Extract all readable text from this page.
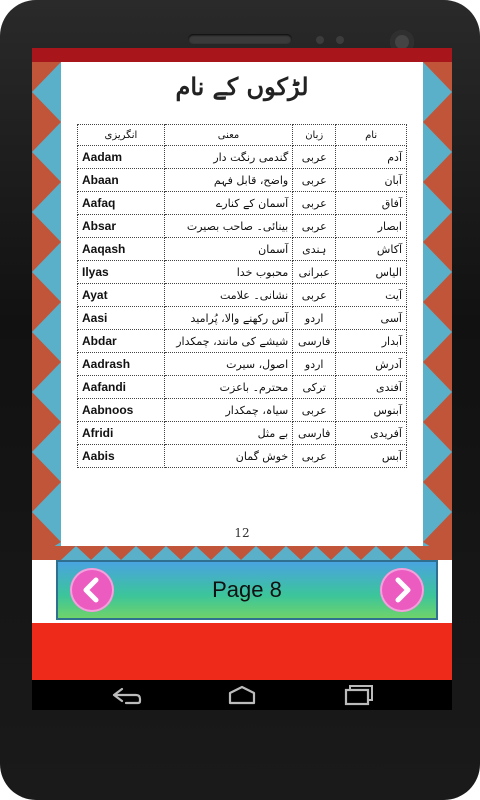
لڑکوں کے نام
انگریزی	معنی	زبان	نام
Aadam	گندمی رنگت دار	عربی	آدم
Abaan	واضح، قابل فہم	عربی	آبان
Aafaq	آسمان کے کنارے	عربی	آفاق
Absar	بینائی۔ صاحب بصیرت	عربی	ابصار
Aaqash	آسمان	ہندی	آکاش
Ilyas	محبوب خدا	عبرانی	الیاس
Ayat	نشانی۔ علامت	عربی	آیت
Aasi	آس رکھنے والا، پُرامید	اردو	آسی
Abdar	شیشے کی مانند، چمکدار	فارسی	آبدار
Aadrash	اصول، سیرت	اردو	آدرش
Aafandi	محترم۔ باعزت	ترکی	آفندی
Aabnoos	سیاہ، چمکدار	عربی	آبنوس
Afridi	بے مثل	فارسی	آفریدی
Aabis	خوش گمان	عربی	آبس
12
Page 8
